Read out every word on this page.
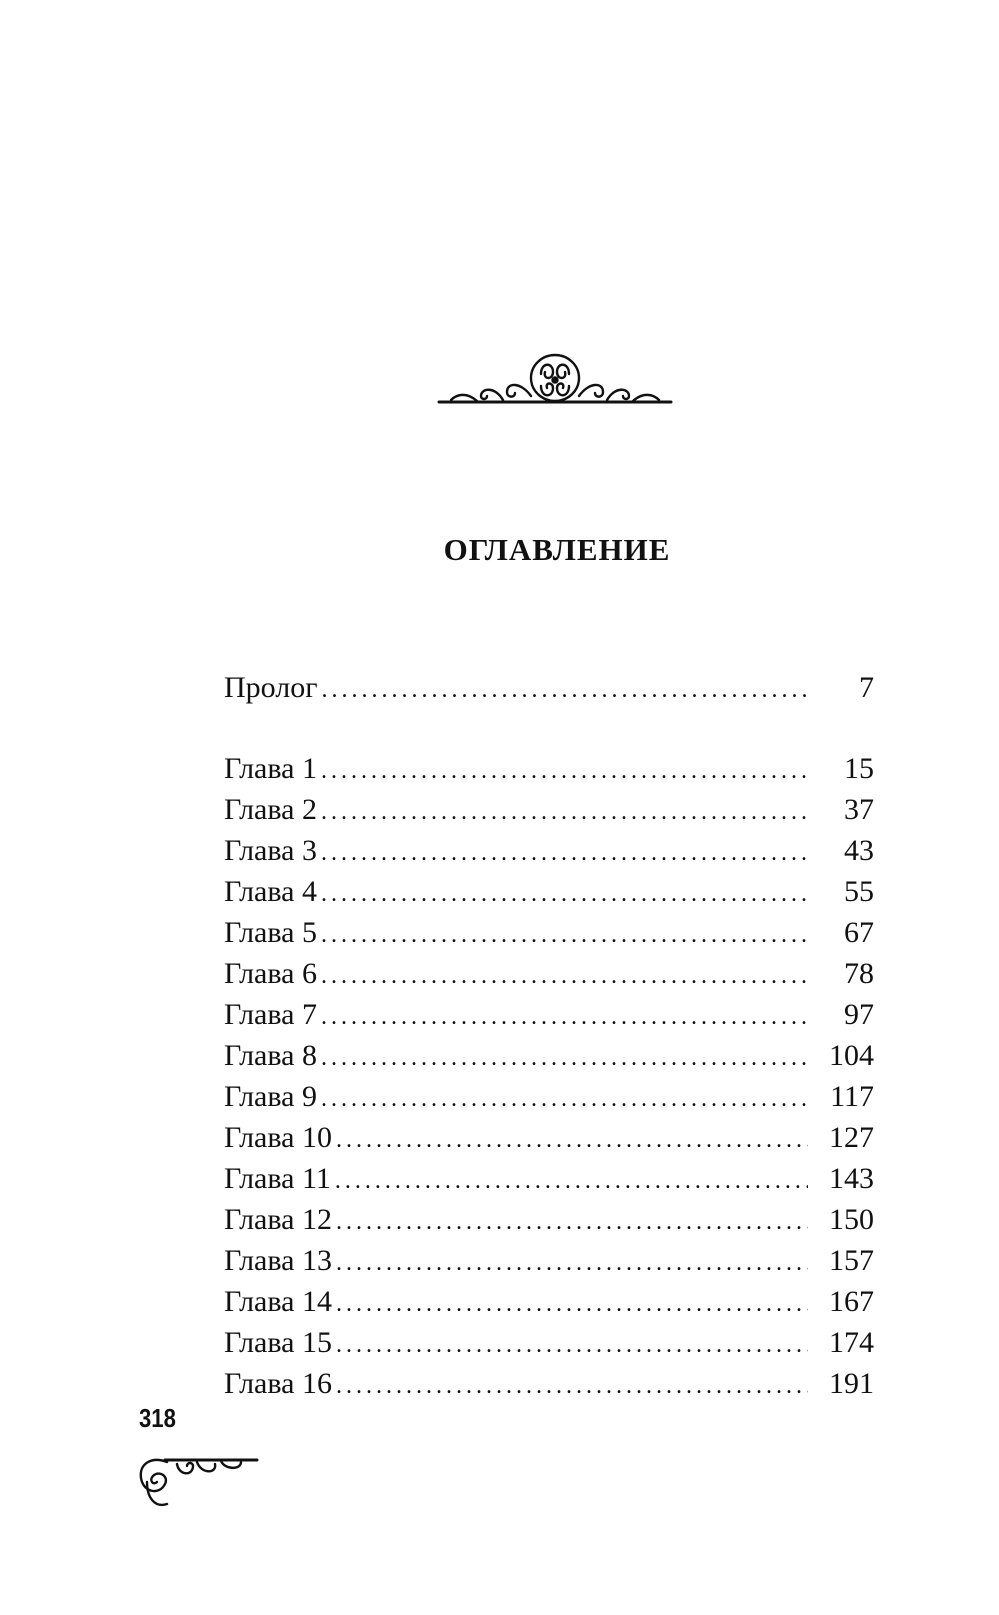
ОГЛАВЛЕНИЕ
Пролог .....	7
Глава 1 .....	15
Глава 2 .....	37
Глава 3 .....	43
Глава 4 .....	55
Глава 5 .....	67
Глава 6 .....	78
Глава 7 .....	97
Глава 8 .....	104
Глава 9 .....	117
Глава 10 .....	127
Глава 11 .....	143
Глава 12 .....	150
Глава 13 .....	157
Глава 14 .....	167
Глава 15 .....	174
Глава 16 .....	191
318
